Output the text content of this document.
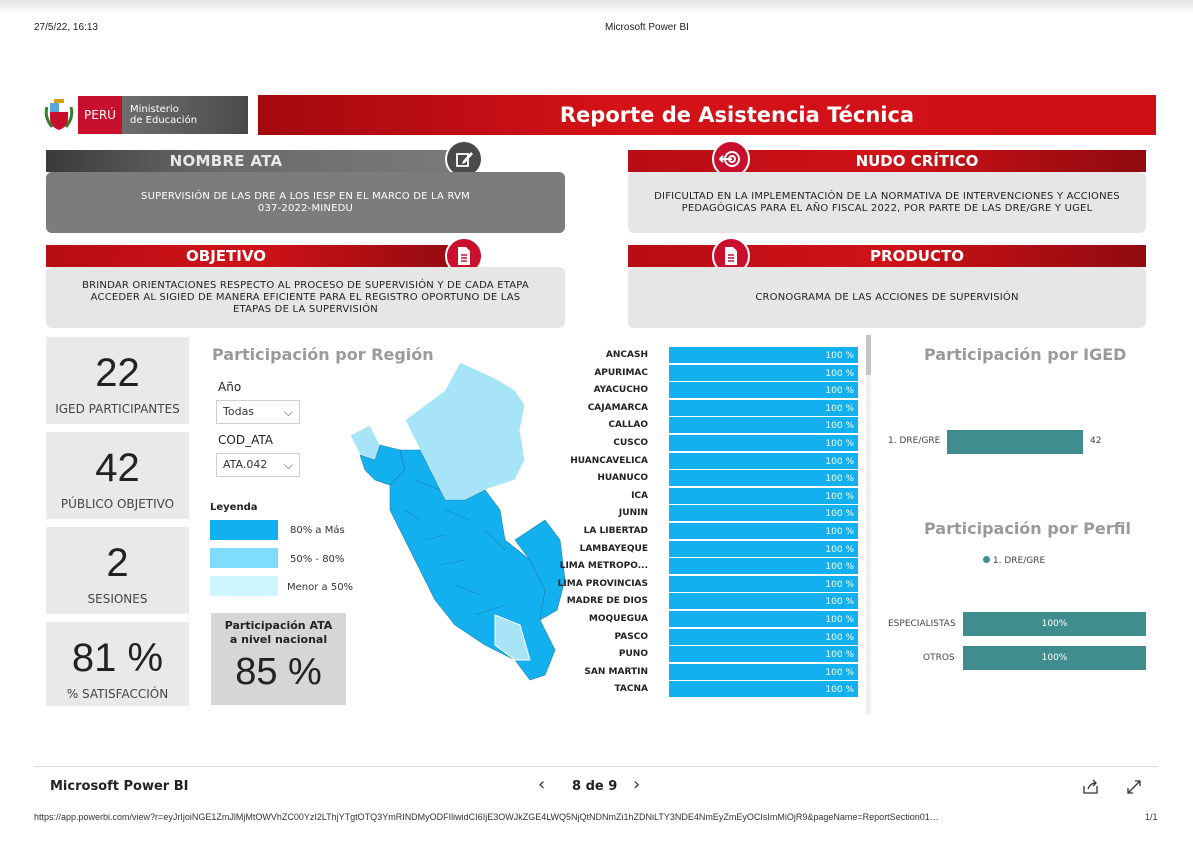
27/5/22, 16:13	Microsoft Power BI
PERÚ	Ministerio
de Educación	Reporte de Asistencia Técnica
NOMBRE ATA
SUPERVISIÓN DE LAS DRE A LOS IESP EN EL MARCO DE LA RVM
037-2022-MINEDU
NUDO CRÍTICO
DIFICULTAD EN LA IMPLEMENTACIÓN DE LA NORMATIVA DE INTERVENCIONES Y ACCIONES
PEDAGÓGICAS PARA EL AÑO FISCAL 2022, POR PARTE DE LAS DRE/GRE Y UGEL
OBJETIVO
BRINDAR ORIENTACIONES RESPECTO AL PROCESO DE SUPERVISIÓN Y DE CADA ETAPA
ACCEDER AL SIGIED DE MANERA EFICIENTE PARA EL REGISTRO OPORTUNO DE LAS
ETAPAS DE LA SUPERVISIÓN
PRODUCTO
CRONOGRAMA DE LAS ACCIONES DE SUPERVISIÓN
22
IGED PARTICIPANTES
42
PÚBLICO OBJETIVO
2
SESIONES
81 %
% SATISFACCIÓN
Participación por Región
Año
Todas ⌵
COD_ATA
ATA.042 ⌵
Leyenda
80% a Más
50% - 80%
Menor a 50%
Participación ATA
a nivel nacional
85 %
ANCASH	100 %
APURIMAC	100 %
AYACUCHO	100 %
CAJAMARCA	100 %
CALLAO	100 %
CUSCO	100 %
HUANCAVELICA	100 %
HUANUCO	100 %
ICA	100 %
JUNIN	100 %
LA LIBERTAD	100 %
LAMBAYEQUE	100 %
LIMA METROPO...	100 %
LIMA PROVINCIAS	100 %
MADRE DE DIOS	100 %
MOQUEGUA	100 %
PASCO	100 %
PUNO	100 %
SAN MARTIN	100 %
TACNA	100 %
Participación por IGED
1. DRE/GRE	42
Participación por Perfil
1. DRE/GRE
ESPECIALISTAS	100%
OTROS	100%
Microsoft Power BI	‹ 8 de 9 ›
https://app.powerbi.com/view?r=eyJrIjoiNGE1ZmJlMjMtOWVhZC00YzI2LThjYTgtOTQ3YmRINDMyODFIliwidCI6IjE3OWJkZGE4LWQ5NjQtNDNmZi1hZDNiLTY3NDE4NmEyZmEyOCIsImMiOjR9&pageName=ReportSection01…	1/1
